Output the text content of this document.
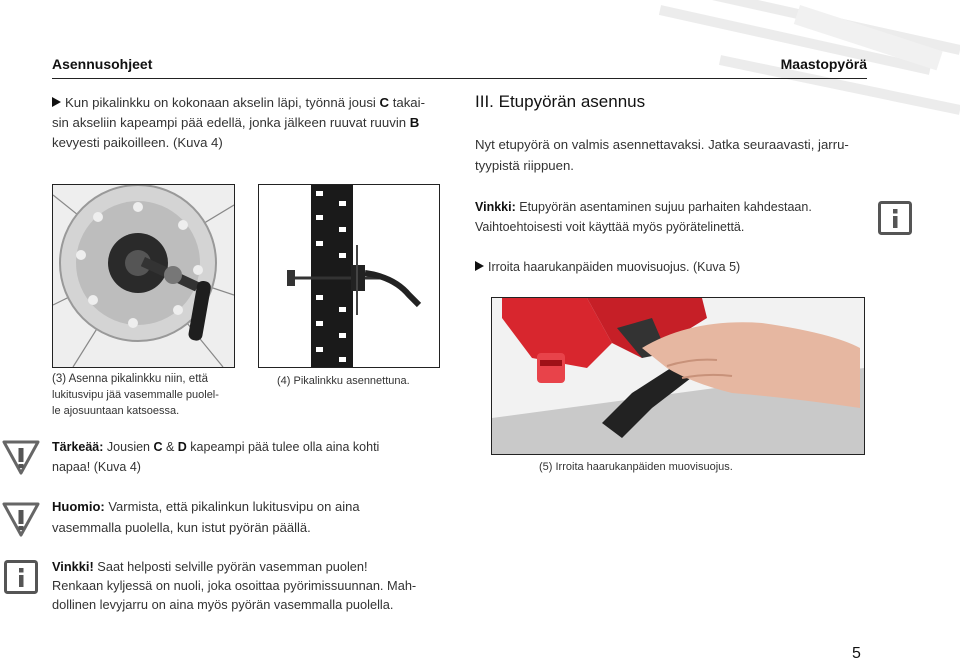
Asennusohjeet	Maastopyörä
Kun pikalinkku on kokonaan akselin läpi, työnnä jousi C takai-
sin akseliin kapeampi pää edellä, jonka jälkeen ruuvat ruuvin B
kevyesti paikoilleen. (Kuva 4)
III. Etupyörän asennus
Nyt etupyörä on valmis asennettavaksi. Jatka seuraavasti, jarru-
tyypistä riippuen.
Vinkki: Etupyörän asentaminen sujuu parhaiten kahdestaan.
Vaihtoehtoisesti voit käyttää myös pyörätelinettä.
Irroita haarukanpäiden muovisuojus. (Kuva 5)
(3) Asenna pikalinkku niin, että
lukitusvipu jää vasemmalle puolel-
le ajosuuntaan katsoessa.
(4) Pikalinkku asennettuna.
(5) Irroita haarukanpäiden muovisuojus.
Tärkeää: Jousien C & D kapeampi pää tulee olla aina kohti
napaa! (Kuva 4)
Huomio: Varmista, että pikalinkun lukitusvipu on aina
vasemmalla puolella, kun istut pyörän päällä.
Vinkki! Saat helposti selville pyörän vasemman puolen!
Renkaan kyljessä on nuoli, joka osoittaa pyörimissuunnan. Mah-
dollinen levyjarru on aina myös pyörän vasemmalla puolella.
5
